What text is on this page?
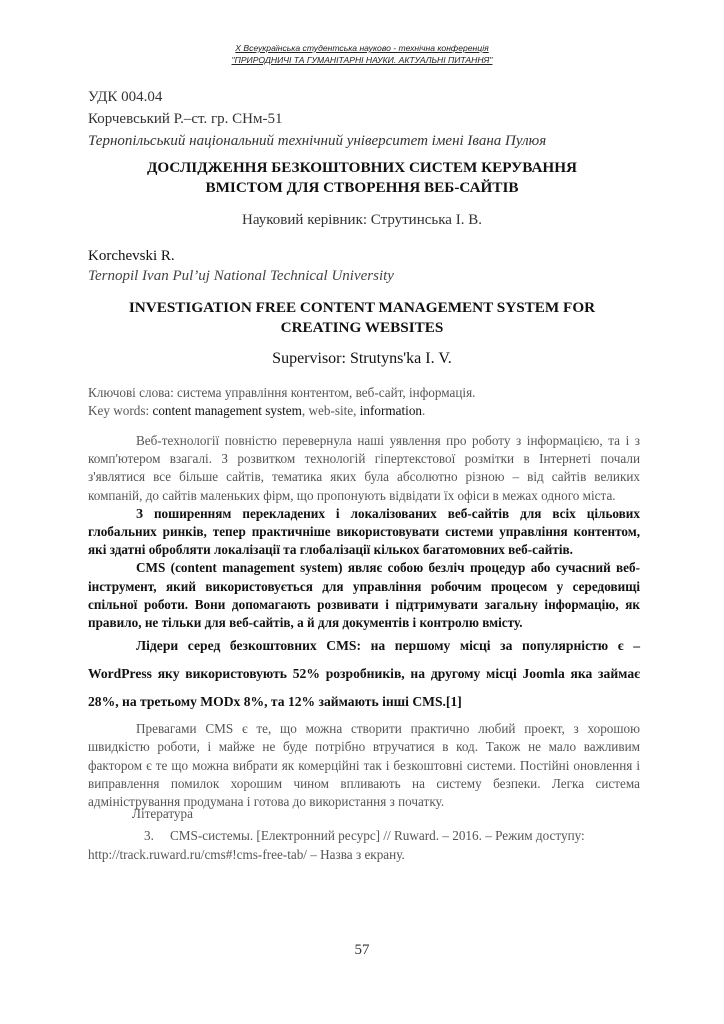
X Всеукраїнська студентська науково - технічна конференція
"ПРИРОДНИЧІ ТА ГУМАНІТАРНІ НАУКИ. АКТУАЛЬНІ ПИТАННЯ"
УДК 004.04
Корчевський Р.–ст. гр. СНм-51
Тернопільський національний технічний університет імені Івана Пулюя
ДОСЛІДЖЕННЯ БЕЗКОШТОВНИХ СИСТЕМ КЕРУВАННЯ
ВМІСТОМ ДЛЯ СТВОРЕННЯ ВЕБ-САЙТІВ
Науковий керівник: Струтинська І. В.
Korchevski R.
Ternopil Ivan Pul’uj National Technical University
INVESTIGATION FREE CONTENT MANAGEMENT SYSTEM FOR
CREATING WEBSITES
Supervisor: Strutyns'ka I. V.
Ключові слова: система управління контентом, веб-сайт, інформація.
Key words: content management system, web-site, information.

Веб-технології повністю перевернула наші уявлення про роботу з інформацією, та і з комп'ютером взагалі. З розвитком технологій гіпертекстової розмітки в Інтернеті почали з'являтися все більше сайтів, тематика яких була абсолютно різною – від сайтів великих компаній, до сайтів маленьких фірм, що пропонують відвідати їх офіси в межах одного міста.

З поширенням перекладених і локалізованих веб-сайтів для всіх цільових глобальних ринків, тепер практичніше використовувати системи управління контентом, які здатні обробляти локалізації та глобалізації кількох багатомовних веб-сайтів.

CMS (content management system) являє собою безліч процедур або сучасний веб-інструмент, який використовується для управління робочим процесом у середовищі спільної роботи. Вони допомагають розвивати і підтримувати загальну інформацію, як правило, не тільки для веб-сайтів, а й для документів і контролю вмісту.

Лідери серед безкоштовних CMS: на першому місці за популярністю є – WordPress яку використовують 52% розробників, на другому місці Joomla яка займає 28%, на третьому MODx 8%, та 12% займають інші CMS.[1]

Превагами CMS є те, що можна створити практично любий проект, з хорошою швидкістю роботи, і майже не буде потрібно втручатися в код. Також не мало важливим фактором є те що можна вибрати як комерційні так і безкоштовні системи. Постійні оновлення і виправлення помилок хорошим чином впливають на систему безпеки. Легка система адміністрування продумана і готова до використання з початку.

Література
3. CMS-системы. [Електронний ресурс] // Ruward. – 2016. – Режим доступу: http://track.ruward.ru/cms#!cms-free-tab/ – Назва з екрану.
57
